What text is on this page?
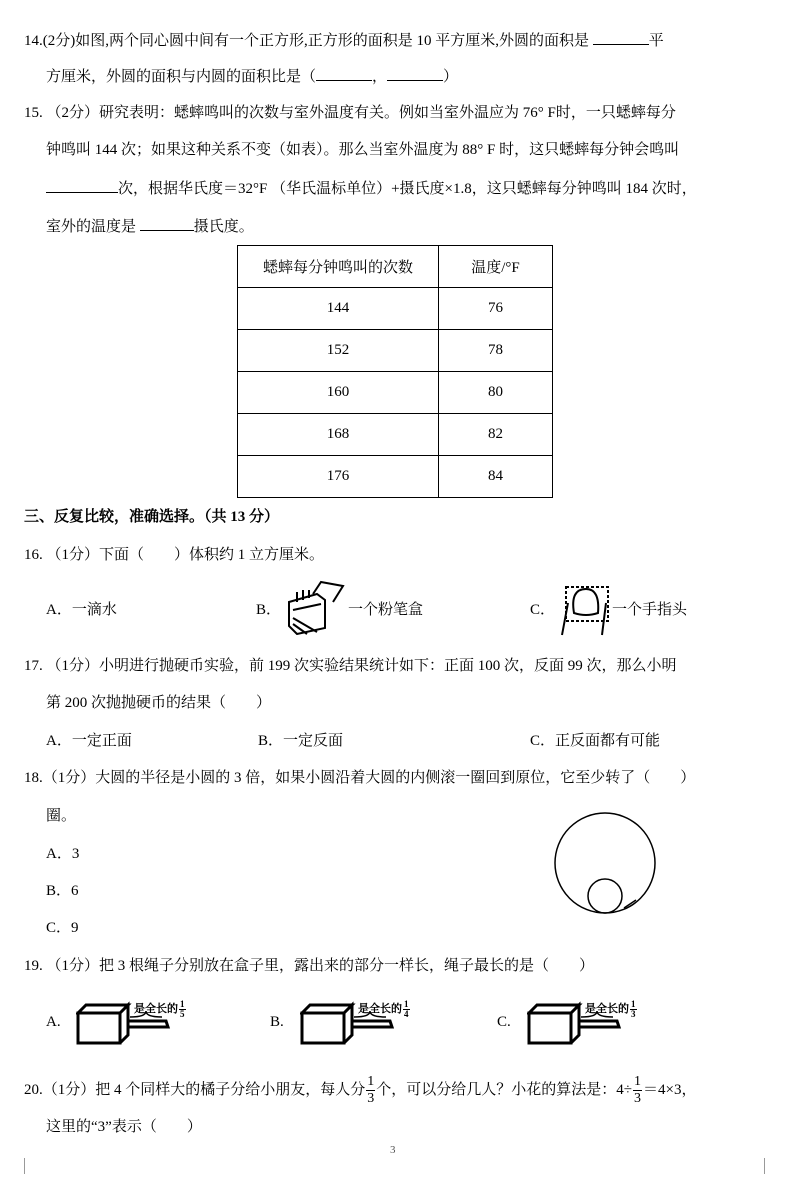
14.(2分)如图,两个同心圆中间有一个正方形,正方形的面积是 10 平方厘米,外圆的面积是	平
方厘米，外圆的面积与内圆的面积比是（	，	）
15. （2分）研究表明：蟋蟀鸣叫的次数与室外温度有关。例如当室外温应为 76° F时，一只蟋蟀每分
钟鸣叫 144 次；如果这种关系不变（如表）。那么当室外温度为 88° F 时，这只蟋蟀每分钟会鸣叫
次，根据华氏度＝32°F （华氏温标单位）+摄氏度×1.8，这只蟋蟀每分钟鸣叫 184 次时，
室外的温度是	摄氏度。
蟋蟀每分钟鸣叫的次数	温度/°F
144	76
152	78
160	80
168	82
176	84
三、反复比较，准确选择。（共 13 分）
16. （1分）下面（　　）体积约 1 立方厘米。
A．一滴水	B．	一个粉笔盒	C．	一个手指头
17. （1分）小明进行抛硬币实验，前 199 次实验结果统计如下：正面 100 次，反面 99 次，那么小明
第 200 次抛抛硬币的结果（　　）
A．一定正面	B．一定反面	C．正反面都有可能
18.（1分）大圆的半径是小圆的 3 倍，如果小圆沿着大圆的内侧滚一圈回到原位，它至少转了（　　）
圈。
A．3
B．6
C．9
19. （1分）把 3 根绳子分别放在盒子里，露出来的部分一样长，绳子最长的是（　　）
A.
是全长的 $\frac{1}{5}$
B.
是全长的 $\frac{1}{4}$
C.
是全长的 $\frac{1}{3}$
20.（1分）把 4 个同样大的橘子分给小朋友，每人分 $\frac{1}{3}$ 个，可以分给几人？小花的算法是：$4\div \frac{1}{3} =4\times 3$，
这里的“3”表示（　　）
3
